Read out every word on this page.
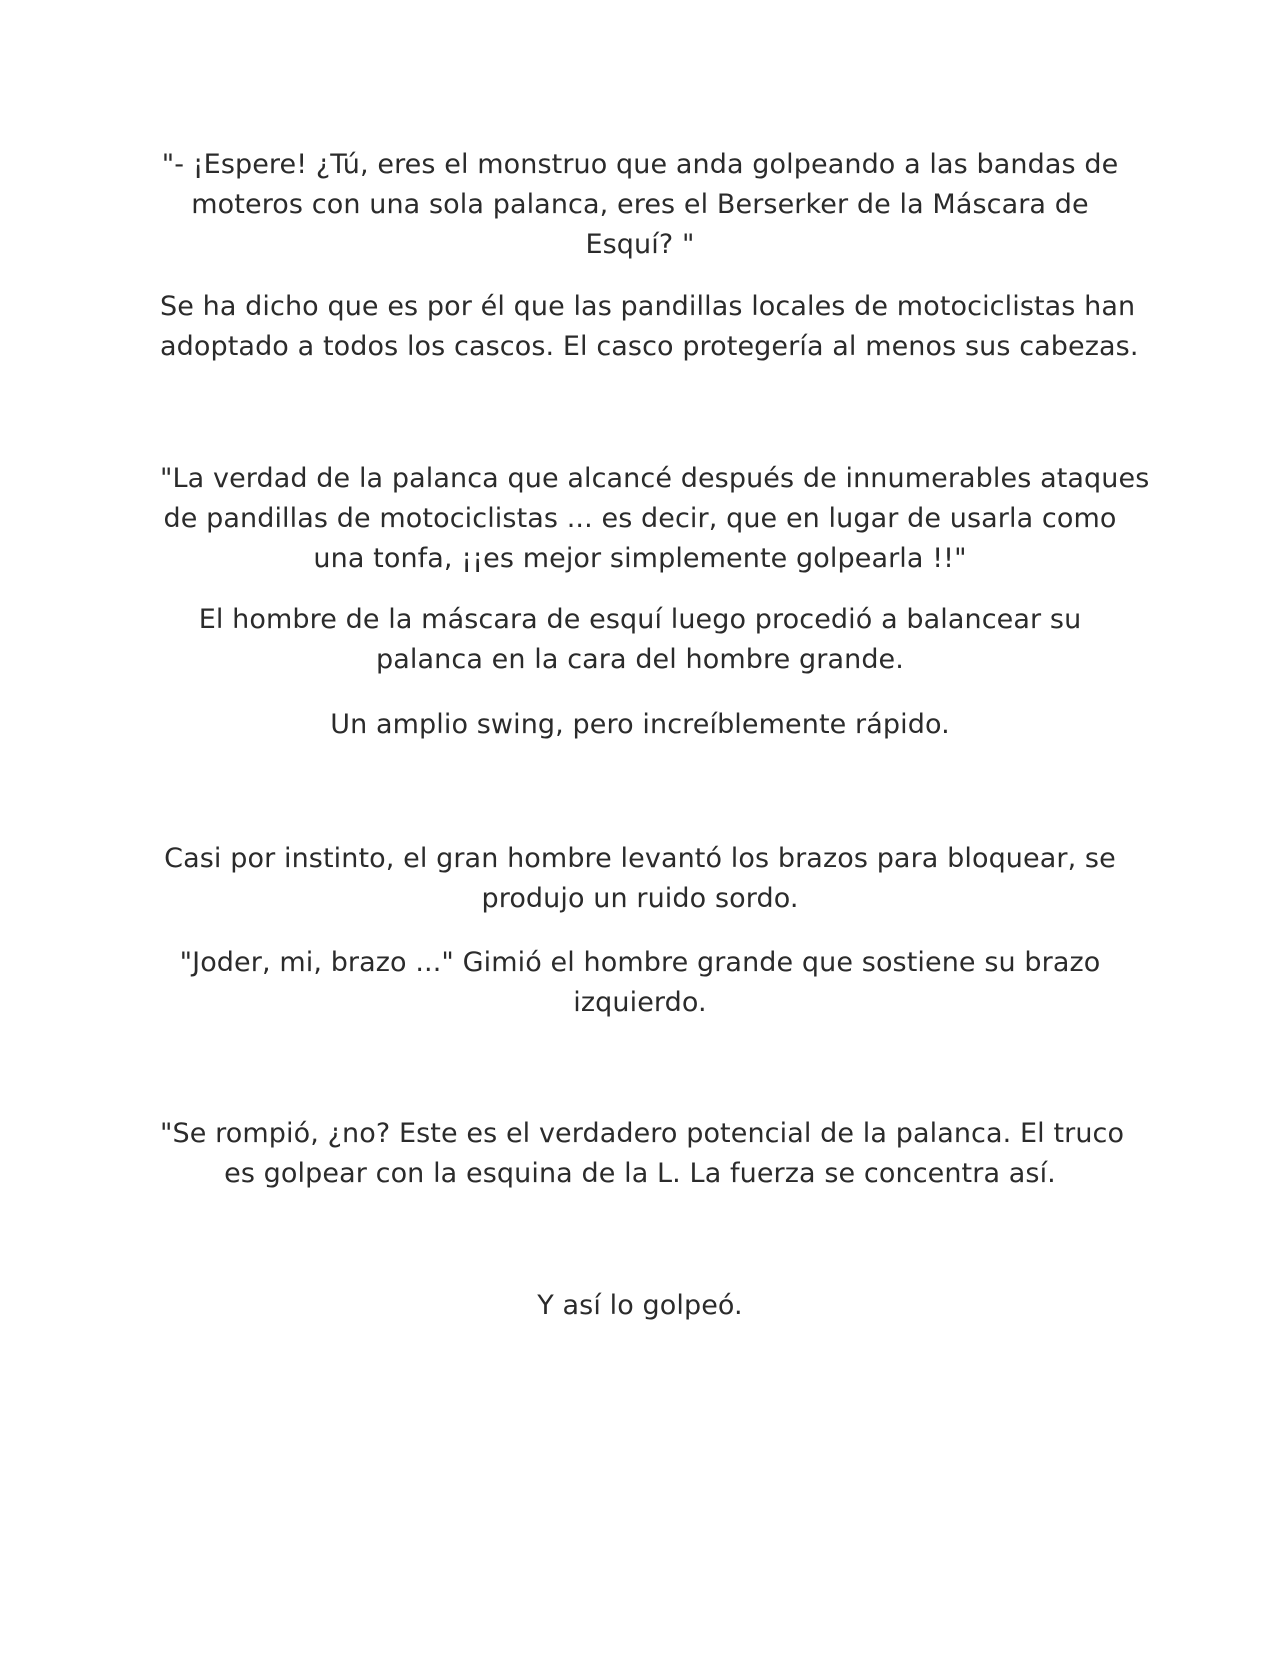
"- ¡Espere! ¿Tú, eres el monstruo que anda golpeando a las bandas de
moteros con una sola palanca, eres el Berserker de la Máscara de
Esquí? "

Se ha dicho que es por él que las pandillas locales de motociclistas han
adoptado a todos los cascos. El casco protegería al menos sus cabezas.

"La verdad de la palanca que alcancé después de innumerables ataques
de pandillas de motociclistas ... es decir, que en lugar de usarla como
una tonfa, ¡¡es mejor simplemente golpearla !!"

El hombre de la máscara de esquí luego procedió a balancear su
palanca en la cara del hombre grande.

Un amplio swing, pero increíblemente rápido.

Casi por instinto, el gran hombre levantó los brazos para bloquear, se
produjo un ruido sordo.

"Joder, mi, brazo ..." Gimió el hombre grande que sostiene su brazo
izquierdo.

"Se rompió, ¿no? Este es el verdadero potencial de la palanca. El truco
es golpear con la esquina de la L. La fuerza se concentra así.

Y así lo golpeó.
